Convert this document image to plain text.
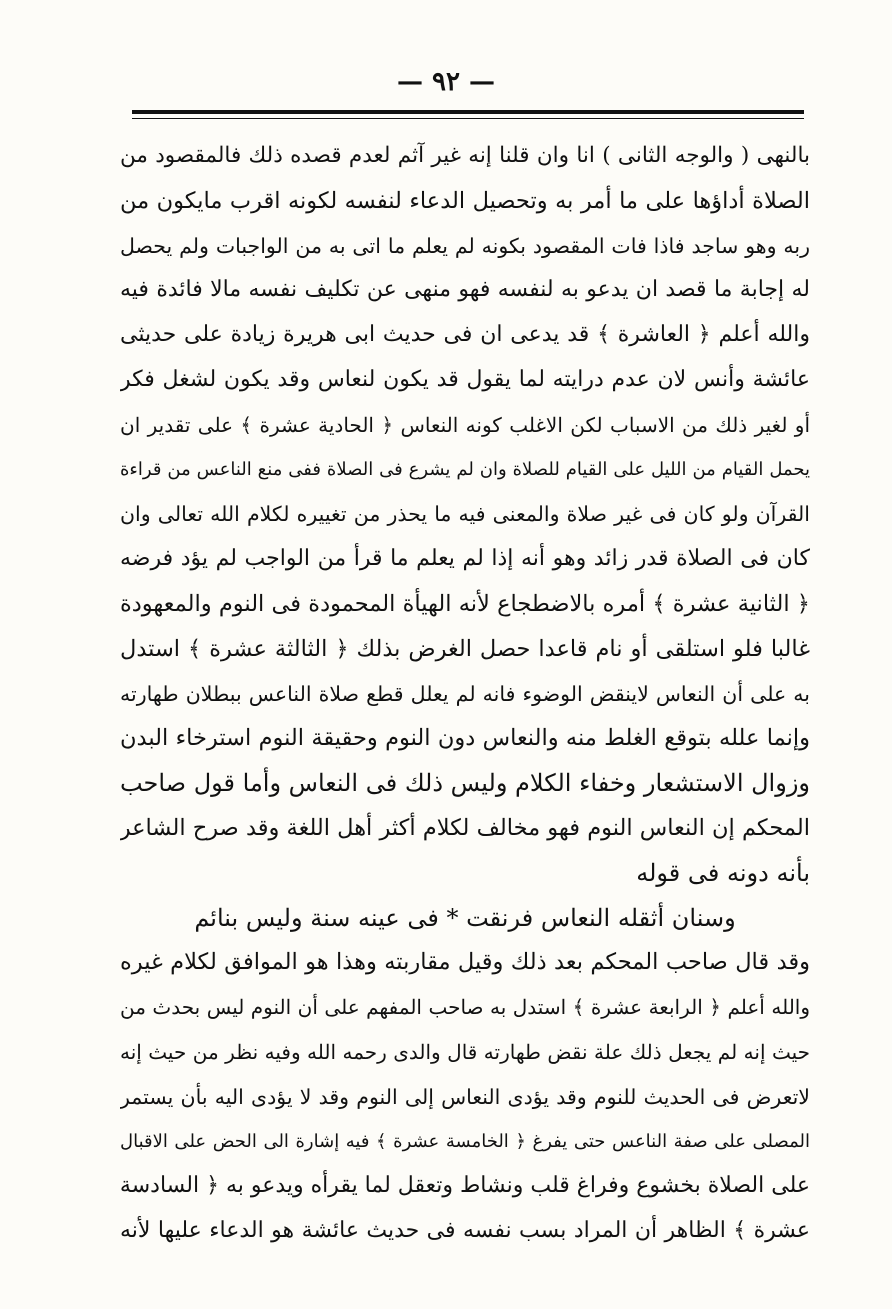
— ٩٢ —
بالنهى ( والوجه الثانى ) انا وان قلنا إنه غير آثم لعدم قصده ذلك فالمقصود من
الصلاة أداؤها على ما أمر به وتحصيل الدعاء لنفسه لكونه اقرب مايكون من
ربه وهو ساجد فاذا فات المقصود بكونه لم يعلم ما اتى به من الواجبات ولم يحصل
له إجابة ما قصد ان يدعو به لنفسه فهو منهى عن تكليف نفسه مالا فائدة فيه
والله أعلم ﴿ العاشرة ﴾ قد يدعى ان فى حديث ابى هريرة زيادة على حديثى
عائشة وأنس لان عدم درايته لما يقول قد يكون لنعاس وقد يكون لشغل فكر
أو لغير ذلك من الاسباب لكن الاغلب كونه النعاس ﴿ الحادية عشرة ﴾ على تقدير ان
يحمل القيام من الليل على القيام للصلاة وان لم يشرع فى الصلاة ففى منع الناعس من قراءة
القرآن ولو كان فى غير صلاة والمعنى فيه ما يحذر من تغييره لكلام الله تعالى وان
كان فى الصلاة قدر زائد وهو أنه إذا لم يعلم ما قرأ من الواجب لم يؤد فرضه
﴿ الثانية عشرة ﴾ أمره بالاضطجاع لأنه الهيأة المحمودة فى النوم والمعهودة
غالبا فلو استلقى أو نام قاعدا حصل الغرض بذلك ﴿ الثالثة عشرة ﴾ استدل
به على أن النعاس لاينقض الوضوء فانه لم يعلل قطع صلاة الناعس ببطلان طهارته
وإنما علله بتوقع الغلط منه والنعاس دون النوم وحقيقة النوم استرخاء البدن
وزوال الاستشعار وخفاء الكلام وليس ذلك فى النعاس وأما قول صاحب
المحكم إن النعاس النوم فهو مخالف لكلام أكثر أهل اللغة وقد صرح الشاعر
بأنه دونه فى قوله
وسنان أثقله النعاس فرنقت * فى عينه سنة وليس بنائم
وقد قال صاحب المحكم بعد ذلك وقيل مقاربته وهذا هو الموافق لكلام غيره
والله أعلم ﴿ الرابعة عشرة ﴾ استدل به صاحب المفهم على أن النوم ليس بحدث من
حيث إنه لم يجعل ذلك علة نقض طهارته قال والدى رحمه الله وفيه نظر من حيث إنه
لاتعرض فى الحديث للنوم وقد يؤدى النعاس إلى النوم وقد لا يؤدى اليه بأن يستمر
المصلى على صفة الناعس حتى يفرغ ﴿ الخامسة عشرة ﴾ فيه إشارة الى الحض على الاقبال
على الصلاة بخشوع وفراغ قلب ونشاط وتعقل لما يقرأه ويدعو به ﴿ السادسة
عشرة ﴾ الظاهر أن المراد بسب نفسه فى حديث عائشة هو الدعاء عليها لأنه
